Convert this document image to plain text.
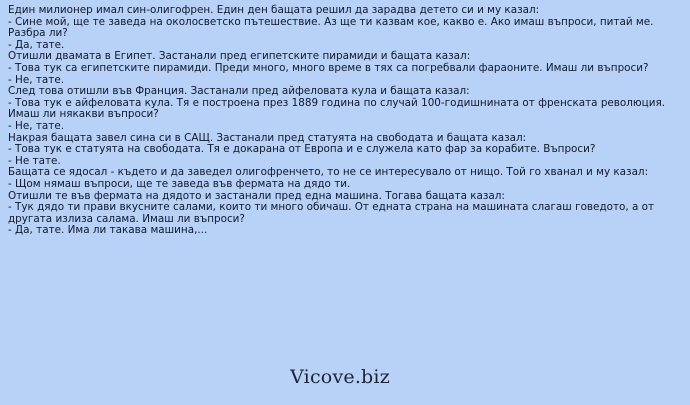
Един милионер имал син-олигофрен. Един ден бащата решил да зарадва детето си и му казал:

- Сине мой, ще те заведа на околосветско пътешествие. Аз ще ти казвам кое, какво е. Ако имаш въпроси, питай ме. Разбра ли?

- Да, тате.

Отишли двамата в Египет. Застанали пред египетските пирамиди и бащата казал:

- Това тук са египетските пирамиди. Преди много, много време в тях са погребвали фараоните. Имаш ли въпроси?

- Не, тате.

След това отишли във Франция. Застанали пред айфеловата кула и бащата казал:

- Това тук е айфеловата кула. Тя е построена през 1889 година по случай 100-годишнината от френската революция. Имаш ли някакви въпроси?

- Не, тате.

Накрая бащата завел сина си в САЩ. Застанали пред статуята на свободата и бащата казал:

- Това тук е статуята на свободата. Тя е докарана от Европа и е служела като фар за корабите. Въпроси?

- Не тате.

Бащата се ядосал - където и да заведел олигофренчето, то не се интересувало от нищо. Той го хванал и му казал:

- Щом нямаш въпроси, ще те заведа във фермата на дядо ти.

Отишли те във фермата на дядото и застанали пред една машина. Тогава бащата казал:

- Тук дядо ти прави вкусните салами, които ти много обичаш. От едната страна на машината слагаш говедото, а от другата излиза салама. Имаш ли въпроси?

- Да, тате. Има ли такава машина,...

Vicove.biz
